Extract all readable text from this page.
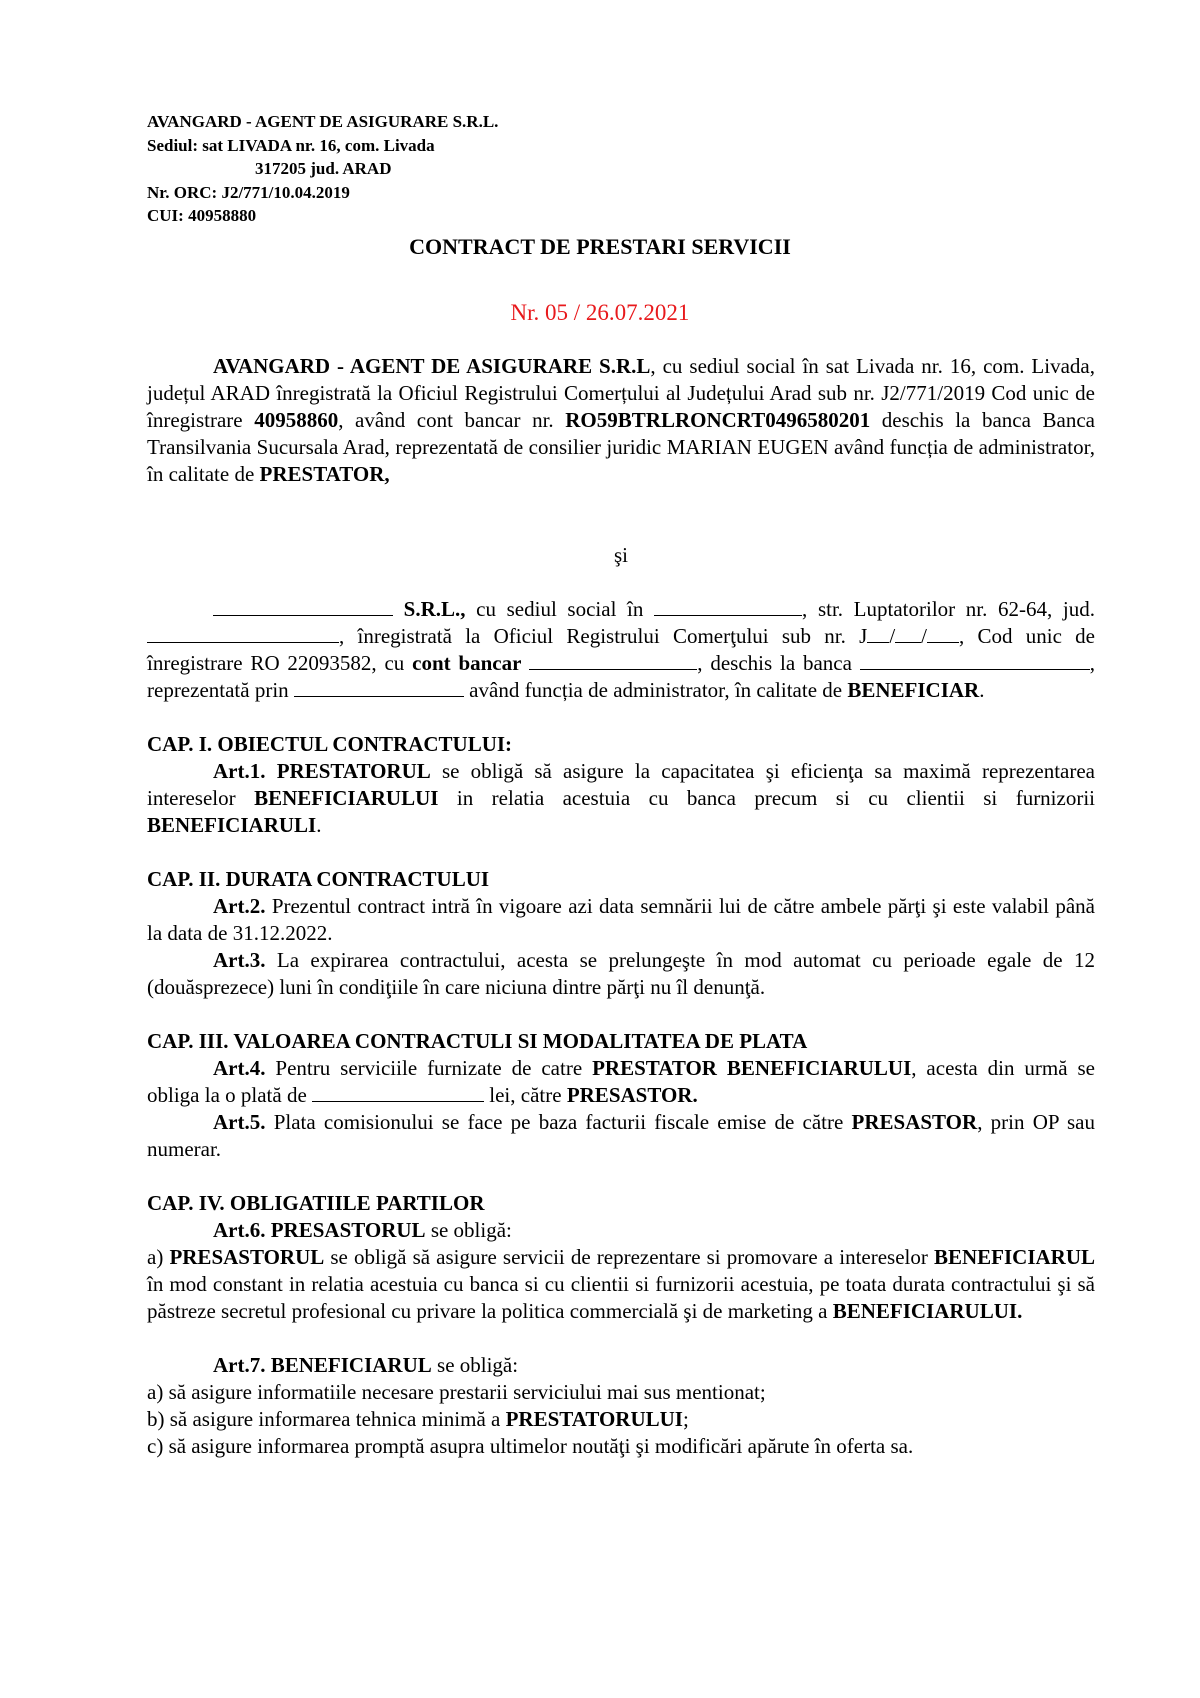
AVANGARD - AGENT DE ASIGURARE S.R.L.
Sediul: sat LIVADA nr. 16, com. Livada
317205 jud. ARAD
Nr. ORC: J2/771/10.04.2019
CUI: 40958880
CONTRACT DE PRESTARI SERVICII
Nr. 05 / 26.07.2021

AVANGARD - AGENT DE ASIGURARE S.R.L, cu sediul social în sat Livada nr. 16, com. Livada, județul ARAD înregistrată la Oficiul Registrului Comerțului al Județului Arad sub nr. J2/771/2019 Cod unic de înregistrare 40958860, având cont bancar nr. RO59BTRLRONCRT0496580201 deschis la banca Banca Transilvania Sucursala Arad, reprezentată de consilier juridic MARIAN EUGEN având funcția de administrator, în calitate de PRESTATOR,

şi

S.R.L., cu sediul social în	, str. Luptatorilor nr. 62-64, jud. , înregistrată la Oficiul Registrului Comerţului sub nr. J / / , Cod unic de înregistrare RO 22093582, cu cont bancar	, deschis la banca	, reprezentată prin	având funcția de administrator, în calitate de BENEFICIAR.

CAP. I. OBIECTUL CONTRACTULUI:

Art.1. PRESTATORUL se obligă să asigure la capacitatea şi eficienţa sa maximă reprezentarea intereselor BENEFICIARULUI in relatia acestuia cu banca precum si cu clientii si furnizorii BENEFICIARULI.

CAP. II. DURATA CONTRACTULUI

Art.2. Prezentul contract intră în vigoare azi data semnării lui de către ambele părţi şi este valabil până la data de 31.12.2022.

Art.3. La expirarea contractului, acesta se prelungeşte în mod automat cu perioade egale de 12 (douăsprezece) luni în condiţiile în care niciuna dintre părţi nu îl denunţă.

CAP. III. VALOAREA CONTRACTULI SI MODALITATEA DE PLATA

Art.4. Pentru serviciile furnizate de catre PRESTATOR BENEFICIARULUI, acesta din urmă se obliga la o plată de	lei, către PRESASTOR.

Art.5. Plata comisionului se face pe baza facturii fiscale emise de către PRESASTOR, prin OP sau numerar.

CAP. IV. OBLIGATIILE PARTILOR

Art.6. PRESASTORUL se obligă:

a) PRESASTORUL se obligă să asigure servicii de reprezentare si promovare a intereselor BENEFICIARUL în mod constant in relatia acestuia cu banca si cu clientii si furnizorii acestuia, pe toata durata contractului şi să păstreze secretul profesional cu privare la politica commercială şi de marketing a BENEFICIARULUI.

Art.7. BENEFICIARUL se obligă:

a) să asigure informatiile necesare prestarii serviciului mai sus mentionat;

b) să asigure informarea tehnica minimă a PRESTATORULUI;

c) să asigure informarea promptă asupra ultimelor noutăţi şi modificări apărute în oferta sa.
